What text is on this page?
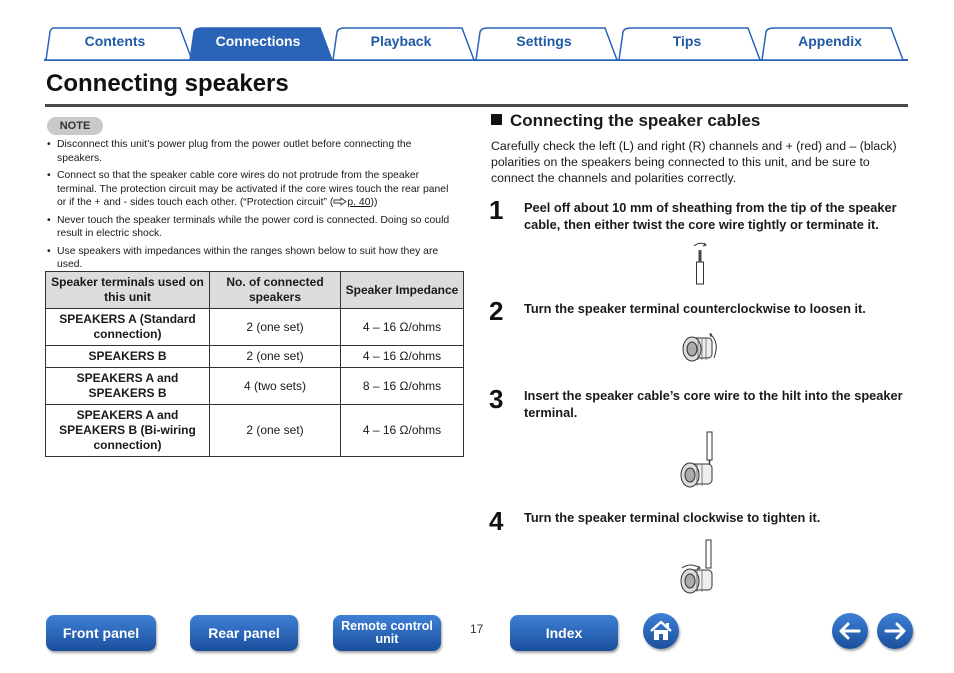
Contents	Connections	Playback	Settings	Tips	Appendix
Connecting speakers
NOTE
• Disconnect this unit’s power plug from the power outlet before connecting the speakers.
• Connect so that the speaker cable core wires do not protrude from the speaker terminal. The protection circuit may be activated if the core wires touch the rear panel or if the + and - sides touch each other. (“Protection circuit” ( p. 40))
• Never touch the speaker terminals while the power cord is connected. Doing so could result in electric shock.
• Use speakers with impedances within the ranges shown below to suit how they are used.
Speaker terminals used on this unit	No. of connected speakers	Speaker Impedance
SPEAKERS A (Standard connection)	2 (one set)	4 – 16 Ω/ohms
SPEAKERS B	2 (one set)	4 – 16 Ω/ohms
SPEAKERS A and SPEAKERS B	4 (two sets)	8 – 16 Ω/ohms
SPEAKERS A and SPEAKERS B (Bi-wiring connection)	2 (one set)	4 – 16 Ω/ohms
Connecting the speaker cables
Carefully check the left (L) and right (R) channels and + (red) and – (black) polarities on the speakers being connected to this unit, and be sure to connect the channels and polarities correctly.
1 Peel off about 10 mm of sheathing from the tip of the speaker cable, then either twist the core wire tightly or terminate it.
2 Turn the speaker terminal counterclockwise to loosen it.
3 Insert the speaker cable’s core wire to the hilt into the speaker terminal.
4 Turn the speaker terminal clockwise to tighten it.
Front panel	Rear panel	Remote control
unit
17	Index
